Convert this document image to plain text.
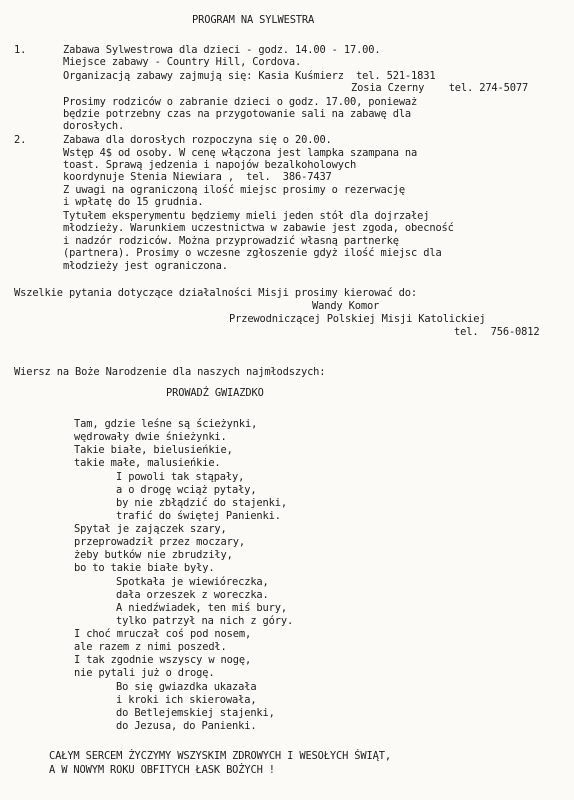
PROGRAM NA SYLWESTRA
1.	Zabawa Sylwestrowa dla dzieci - godz. 14.00 - 17.00.
Miejsce zabawy - Country Hill, Cordova.
Organizacją zabawy zajmują się: Kasia Kuśmierz  tel. 521-1831
Zosia Czerny    tel. 274-5077
Prosimy rodziców o zabranie dzieci o godz. 17.00, ponieważ
będzie potrzebny czas na przygotowanie sali na zabawę dla
dorosłych.
2.	Zabawa dla dorosłych rozpoczyna się o 20.00.
Wstęp 4$ od osoby. W cenę włączona jest lampka szampana na
toast. Sprawą jedzenia i napojów bezalkoholowych
koordynuje Stenia Niewiara ,  tel.  386-7437
Z uwagi na ograniczoną ilość miejsc prosimy o rezerwację
i wpłatę do 15 grudnia.
Tytułem eksperymentu będziemy mieli jeden stół dla dojrzałej
młodzieży. Warunkiem uczestnictwa w zabawie jest zgoda, obecność
i nadzór rodziców. Można przyprowadzić własną partnerkę
(partnera). Prosimy o wczesne zgłoszenie gdyż ilość miejsc dla
młodzieży jest ograniczona.
Wszelkie pytania dotyczące działalności Misji prosimy kierować do:
Wandy Komor
Przewodniczącej Polskiej Misji Katolickiej
tel.  756-0812
Wiersz na Boże Narodzenie dla naszych najmłodszych:
PROWADŹ GWIAZDKO
Tam, gdzie leśne są ścieżynki,
wędrowały dwie śnieżynki.
Takie białe, bielusieńkie,
takie małe, malusieńkie.
I powoli tak stąpały,
a o drogę wciąż pytały,
by nie zbłądzić do stajenki,
trafić do świętej Panienki.
Spytał je zajączek szary,
przeprowadził przez moczary,
żeby butków nie zbrudziły,
bo to takie białe były.
Spotkała je wiewióreczka,
dała orzeszek z woreczka.
A niedźwiadek, ten miś bury,
tylko patrzył na nich z góry.
I choć mruczał coś pod nosem,
ale razem z nimi poszedł.
I tak zgodnie wszyscy w nogę,
nie pytali już o drogę.
Bo się gwiazdka ukazała
i kroki ich skierowała,
do Betlejemskiej stajenki,
do Jezusa, do Panienki.
CAŁYM SERCEM ŻYCZYMY WSZYSKIM ZDROWYCH I WESOŁYCH ŚWIĄT,
A W NOWYM ROKU OBFITYCH ŁASK BOŻYCH !
